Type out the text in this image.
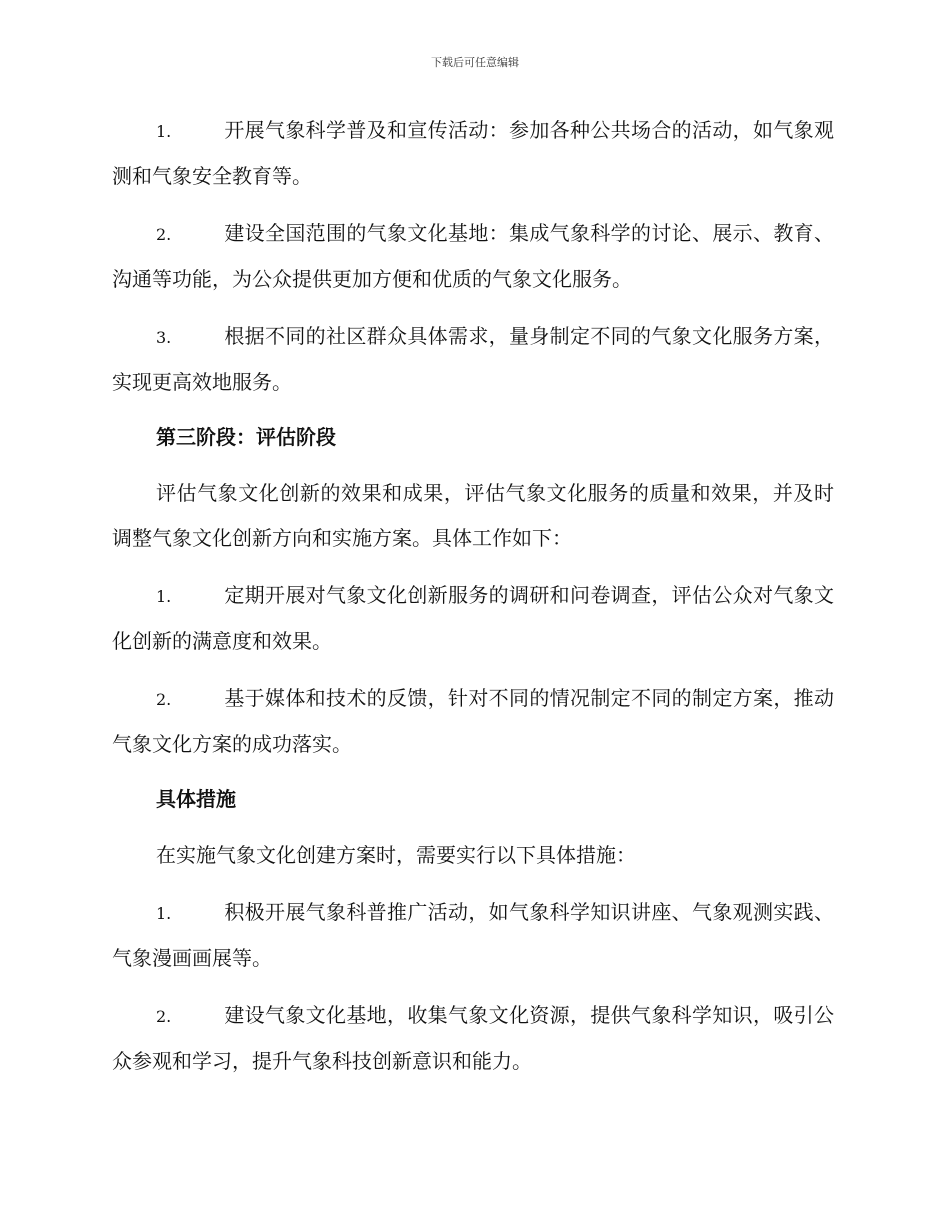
下载后可任意编辑

1.	开展气象科学普及和宣传活动：参加各种公共场合的活动，如气象观测和气象安全教育等。

2.	建设全国范围的气象文化基地：集成气象科学的讨论、展示、教育、沟通等功能，为公众提供更加方便和优质的气象文化服务。

3.	根据不同的社区群众具体需求，量身制定不同的气象文化服务方案，实现更高效地服务。

第三阶段：评估阶段

评估气象文化创新的效果和成果，评估气象文化服务的质量和效果，并及时调整气象文化创新方向和实施方案。具体工作如下：

1.	定期开展对气象文化创新服务的调研和问卷调查，评估公众对气象文化创新的满意度和效果。

2.	基于媒体和技术的反馈，针对不同的情况制定不同的制定方案，推动气象文化方案的成功落实。

具体措施

在实施气象文化创建方案时，需要实行以下具体措施：

1.	积极开展气象科普推广活动，如气象科学知识讲座、气象观测实践、气象漫画画展等。

2.	建设气象文化基地，收集气象文化资源，提供气象科学知识，吸引公众参观和学习，提升气象科技创新意识和能力。
